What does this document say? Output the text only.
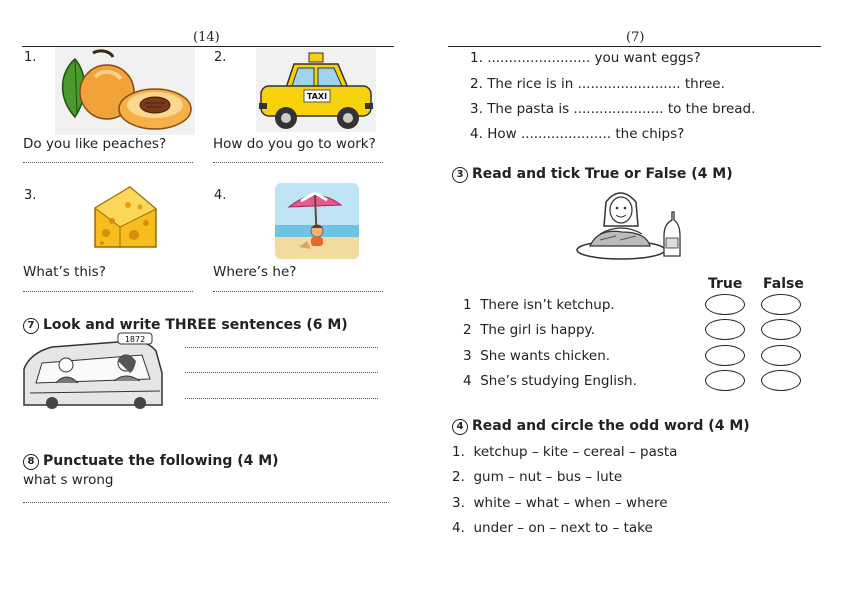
(14)
1.
Do you like peaches?
2.
TAXI
How do you go to work?
3.
What’s this?
4.
Where’s he?
7 Look and write THREE sentences (6 M)
1872
8 Punctuate the following (4 M)
what s wrong
(7)
1. ........................ you want eggs?
2. The rice is in ........................ three.
3. The pasta is ..................... to the bread.
4. How ..................... the chips?
3 Read and tick True or False (4 M)
True False
1 There isn’t ketchup.
2 The girl is happy.
3 She wants chicken.
4 She’s studying English.
4 Read and circle the odd word (4 M)
1. ketchup – kite – cereal – pasta
2. gum – nut – bus – lute
3. white – what – when – where
4. under – on – next to – take
